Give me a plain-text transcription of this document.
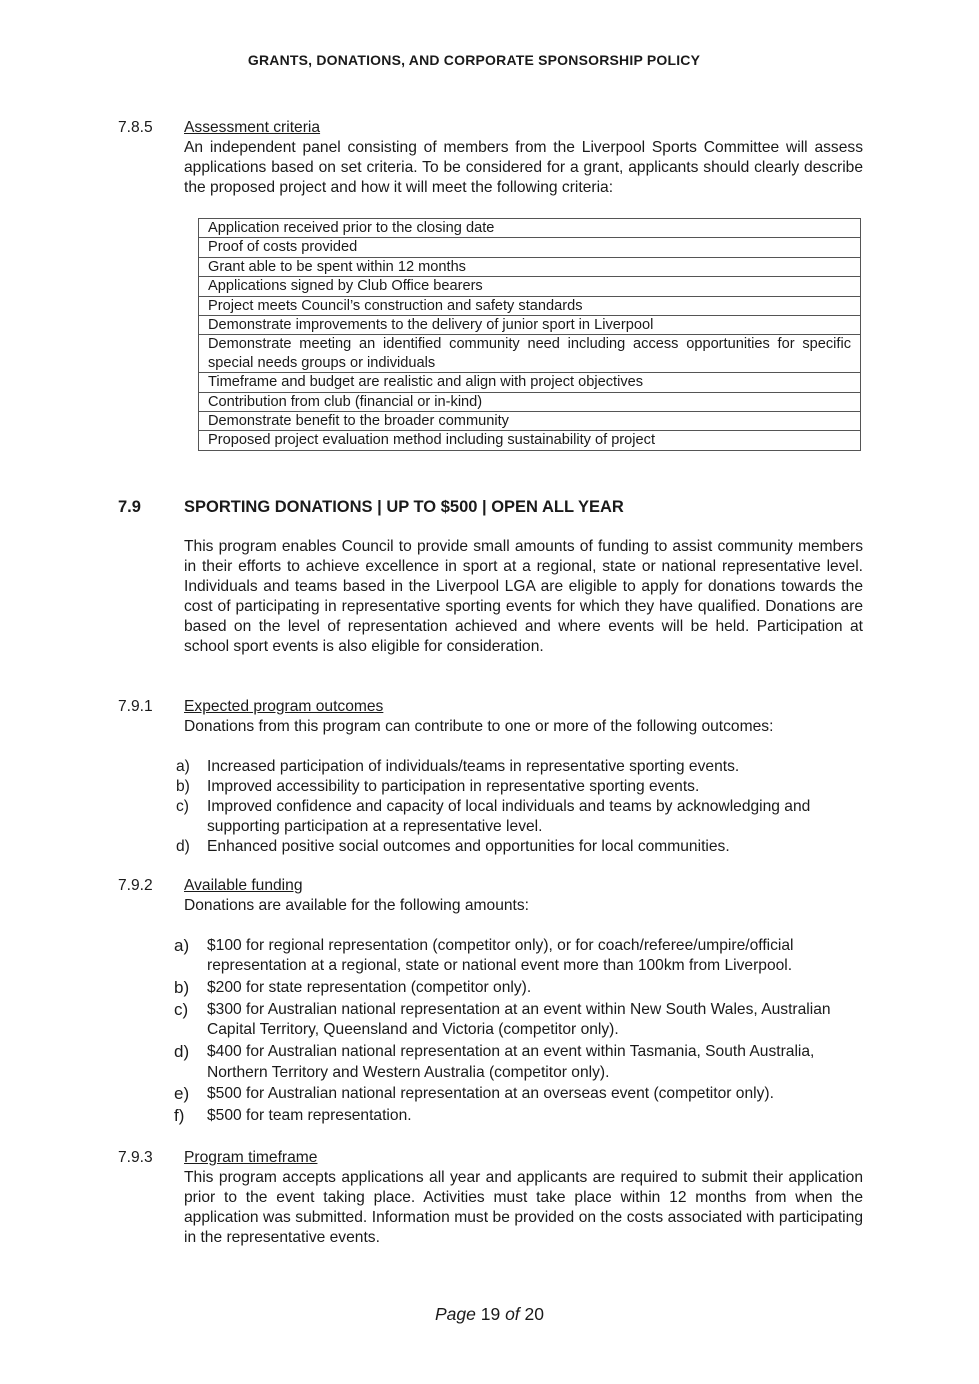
GRANTS, DONATIONS, AND CORPORATE SPONSORSHIP POLICY
7.8.5 Assessment criteria
An independent panel consisting of members from the Liverpool Sports Committee will assess applications based on set criteria. To be considered for a grant, applicants should clearly describe the proposed project and how it will meet the following criteria:
Application received prior to the closing date
Proof of costs provided
Grant able to be spent within 12 months
Applications signed by Club Office bearers
Project meets Council’s construction and safety standards
Demonstrate improvements to the delivery of junior sport in Liverpool
Demonstrate meeting an identified community need including access opportunities for specific special needs groups or individuals
Timeframe and budget are realistic and align with project objectives
Contribution from club (financial or in-kind)
Demonstrate benefit to the broader community
Proposed project evaluation method including sustainability of project
7.9	SPORTING DONATIONS | UP TO $500 | OPEN ALL YEAR
This program enables Council to provide small amounts of funding to assist community members in their efforts to achieve excellence in sport at a regional, state or national representative level. Individuals and teams based in the Liverpool LGA are eligible to apply for donations towards the cost of participating in representative sporting events for which they have qualified. Donations are based on the level of representation achieved and where events will be held. Participation at school sport events is also eligible for consideration.
7.9.1 Expected program outcomes
Donations from this program can contribute to one or more of the following outcomes:
a) Increased participation of individuals/teams in representative sporting events.
b) Improved accessibility to participation in representative sporting events.
c) Improved confidence and capacity of local individuals and teams by acknowledging and supporting participation at a representative level.
d) Enhanced positive social outcomes and opportunities for local communities.
7.9.2 Available funding
Donations are available for the following amounts:
a) $100 for regional representation (competitor only), or for coach/referee/umpire/official representation at a regional, state or national event more than 100km from Liverpool.
b) $200 for state representation (competitor only).
c) $300 for Australian national representation at an event within New South Wales, Australian Capital Territory, Queensland and Victoria (competitor only).
d) $400 for Australian national representation at an event within Tasmania, South Australia, Northern Territory and Western Australia (competitor only).
e) $500 for Australian national representation at an overseas event (competitor only).
f) $500 for team representation.
7.9.3 Program timeframe
This program accepts applications all year and applicants are required to submit their application prior to the event taking place. Activities must take place within 12 months from when the application was submitted. Information must be provided on the costs associated with participating in the representative events.
Page 19 of 20
